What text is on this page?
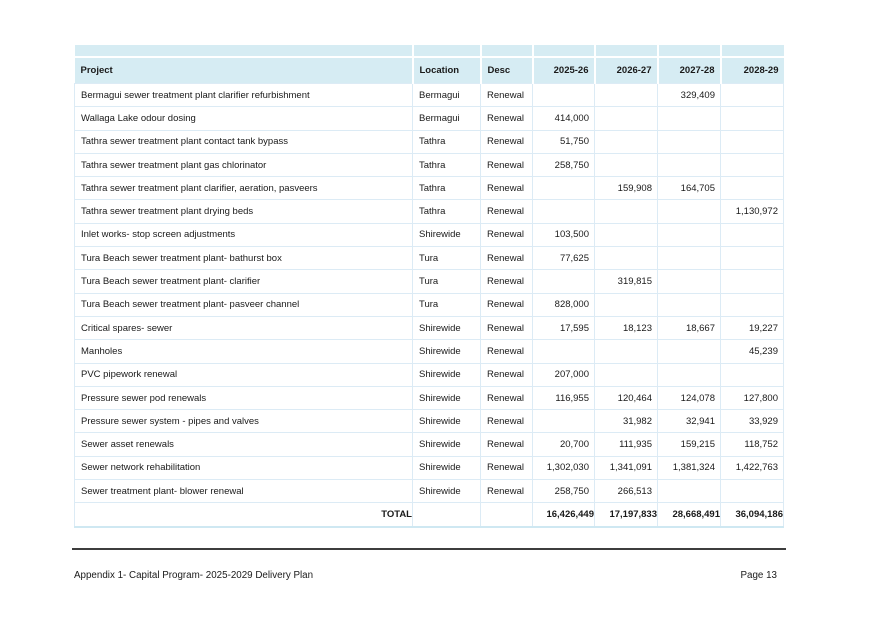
Project	Location	Desc	2025-26	2026-27	2027-28	2028-29
Bermagui sewer treatment plant clarifier refurbishment	Bermagui	Renewal			329,409	
Wallaga Lake odour dosing	Bermagui	Renewal	414,000			
Tathra sewer treatment plant contact tank bypass	Tathra	Renewal	51,750			
Tathra sewer treatment plant gas chlorinator	Tathra	Renewal	258,750			
Tathra sewer treatment plant clarifier, aeration, pasveers	Tathra	Renewal		159,908	164,705	
Tathra sewer treatment plant drying beds	Tathra	Renewal				1,130,972
Inlet works- stop screen adjustments	Shirewide	Renewal	103,500			
Tura Beach sewer treatment plant- bathurst box	Tura	Renewal	77,625			
Tura Beach sewer treatment plant- clarifier	Tura	Renewal		319,815		
Tura Beach sewer treatment plant- pasveer channel	Tura	Renewal	828,000			
Critical spares- sewer	Shirewide	Renewal	17,595	18,123	18,667	19,227
Manholes	Shirewide	Renewal				45,239
PVC pipework renewal	Shirewide	Renewal	207,000			
Pressure sewer pod renewals	Shirewide	Renewal	116,955	120,464	124,078	127,800
Pressure sewer system - pipes and valves	Shirewide	Renewal		31,982	32,941	33,929
Sewer asset renewals	Shirewide	Renewal	20,700	111,935	159,215	118,752
Sewer network rehabilitation	Shirewide	Renewal	1,302,030	1,341,091	1,381,324	1,422,763
Sewer treatment plant- blower renewal	Shirewide	Renewal	258,750	266,513		
TOTAL			16,426,449	17,197,833	28,668,491	36,094,186
Appendix 1- Capital Program- 2025-2029 Delivery Plan	Page 13
